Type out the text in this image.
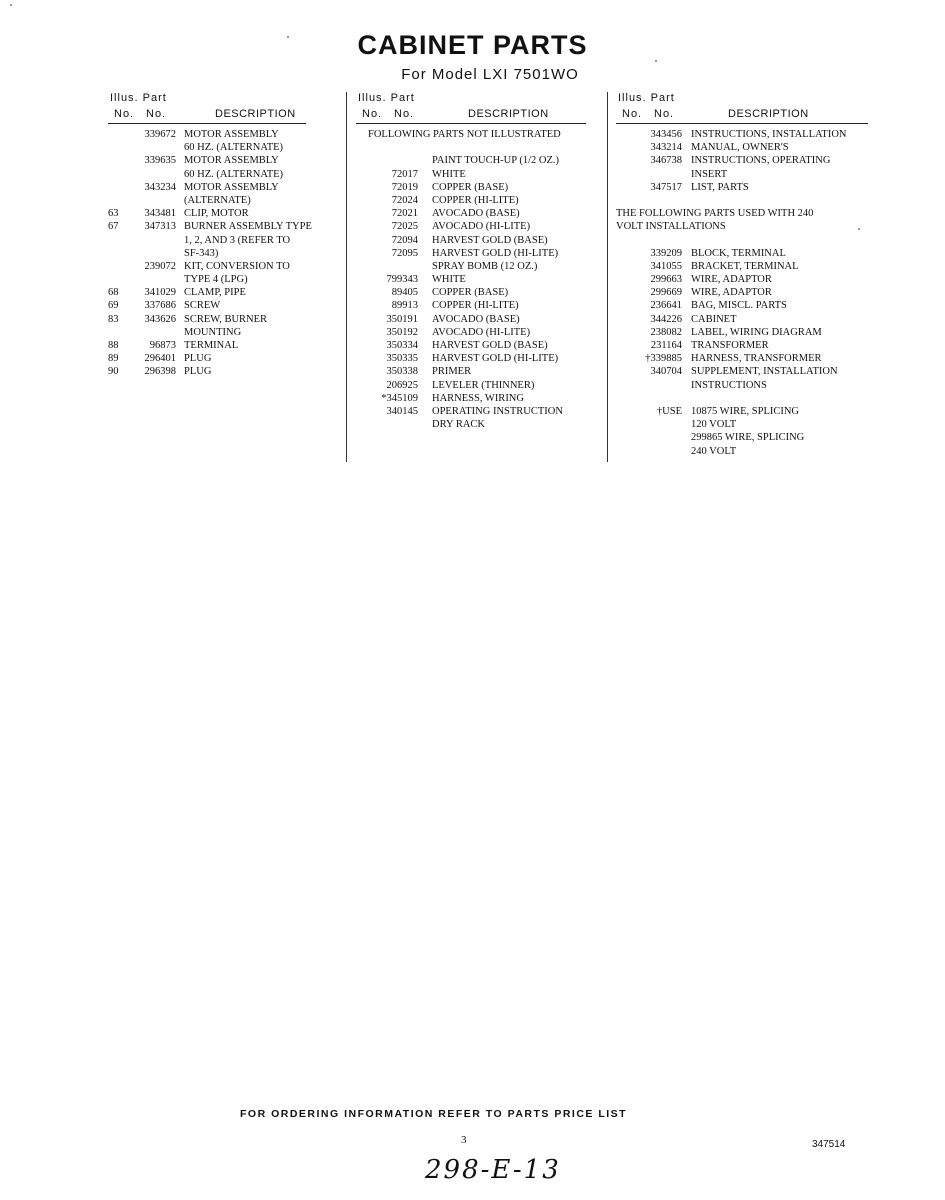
CABINET PARTS
For Model LXI 7501WO
Illus. Part
No. No.	DESCRIPTION
339672 MOTOR ASSEMBLY
60 HZ. (ALTERNATE)
339635 MOTOR ASSEMBLY
60 HZ. (ALTERNATE)
343234 MOTOR ASSEMBLY
(ALTERNATE)
63	343481 CLIP, MOTOR
67	347313 BURNER ASSEMBLY TYPE
1, 2, AND 3 (REFER TO
SF-343)
239072 KIT, CONVERSION TO
TYPE 4 (LPG)
68	341029 CLAMP, PIPE
69	337686 SCREW
83	343626 SCREW, BURNER
MOUNTING
88	96873 TERMINAL
89	296401 PLUG
90	296398 PLUG
Illus. Part
No. No.	DESCRIPTION
FOLLOWING PARTS NOT ILLUSTRATED
PAINT TOUCH-UP (1/2 OZ.)
72017 WHITE
72019 COPPER (BASE)
72024 COPPER (HI-LITE)
72021 AVOCADO (BASE)
72025 AVOCADO (HI-LITE)
72094 HARVEST GOLD (BASE)
72095 HARVEST GOLD (HI-LITE)
SPRAY BOMB (12 OZ.)
799343 WHITE
89405 COPPER (BASE)
89913 COPPER (HI-LITE)
350191 AVOCADO (BASE)
350192 AVOCADO (HI-LITE)
350334 HARVEST GOLD (BASE)
350335 HARVEST GOLD (HI-LITE)
350338 PRIMER
206925 LEVELER (THINNER)
*345109 HARNESS, WIRING
340145 OPERATING INSTRUCTION
DRY RACK
Illus. Part
No. No.	DESCRIPTION
343456 INSTRUCTIONS, INSTALLATION
343214 MANUAL, OWNER'S
346738 INSTRUCTIONS, OPERATING
INSERT
347517 LIST, PARTS
THE FOLLOWING PARTS USED WITH 240
VOLT INSTALLATIONS
339209 BLOCK, TERMINAL
341055 BRACKET, TERMINAL
299663 WIRE, ADAPTOR
299669 WIRE, ADAPTOR
236641 BAG, MISCL. PARTS
344226 CABINET
238082 LABEL, WIRING DIAGRAM
231164 TRANSFORMER
†339885 HARNESS, TRANSFORMER
340704 SUPPLEMENT, INSTALLATION
INSTRUCTIONS
†USE 10875 WIRE, SPLICING
120 VOLT
299865 WIRE, SPLICING
240 VOLT
FOR ORDERING INFORMATION REFER TO PARTS PRICE LIST
3	347514
298-E-13
